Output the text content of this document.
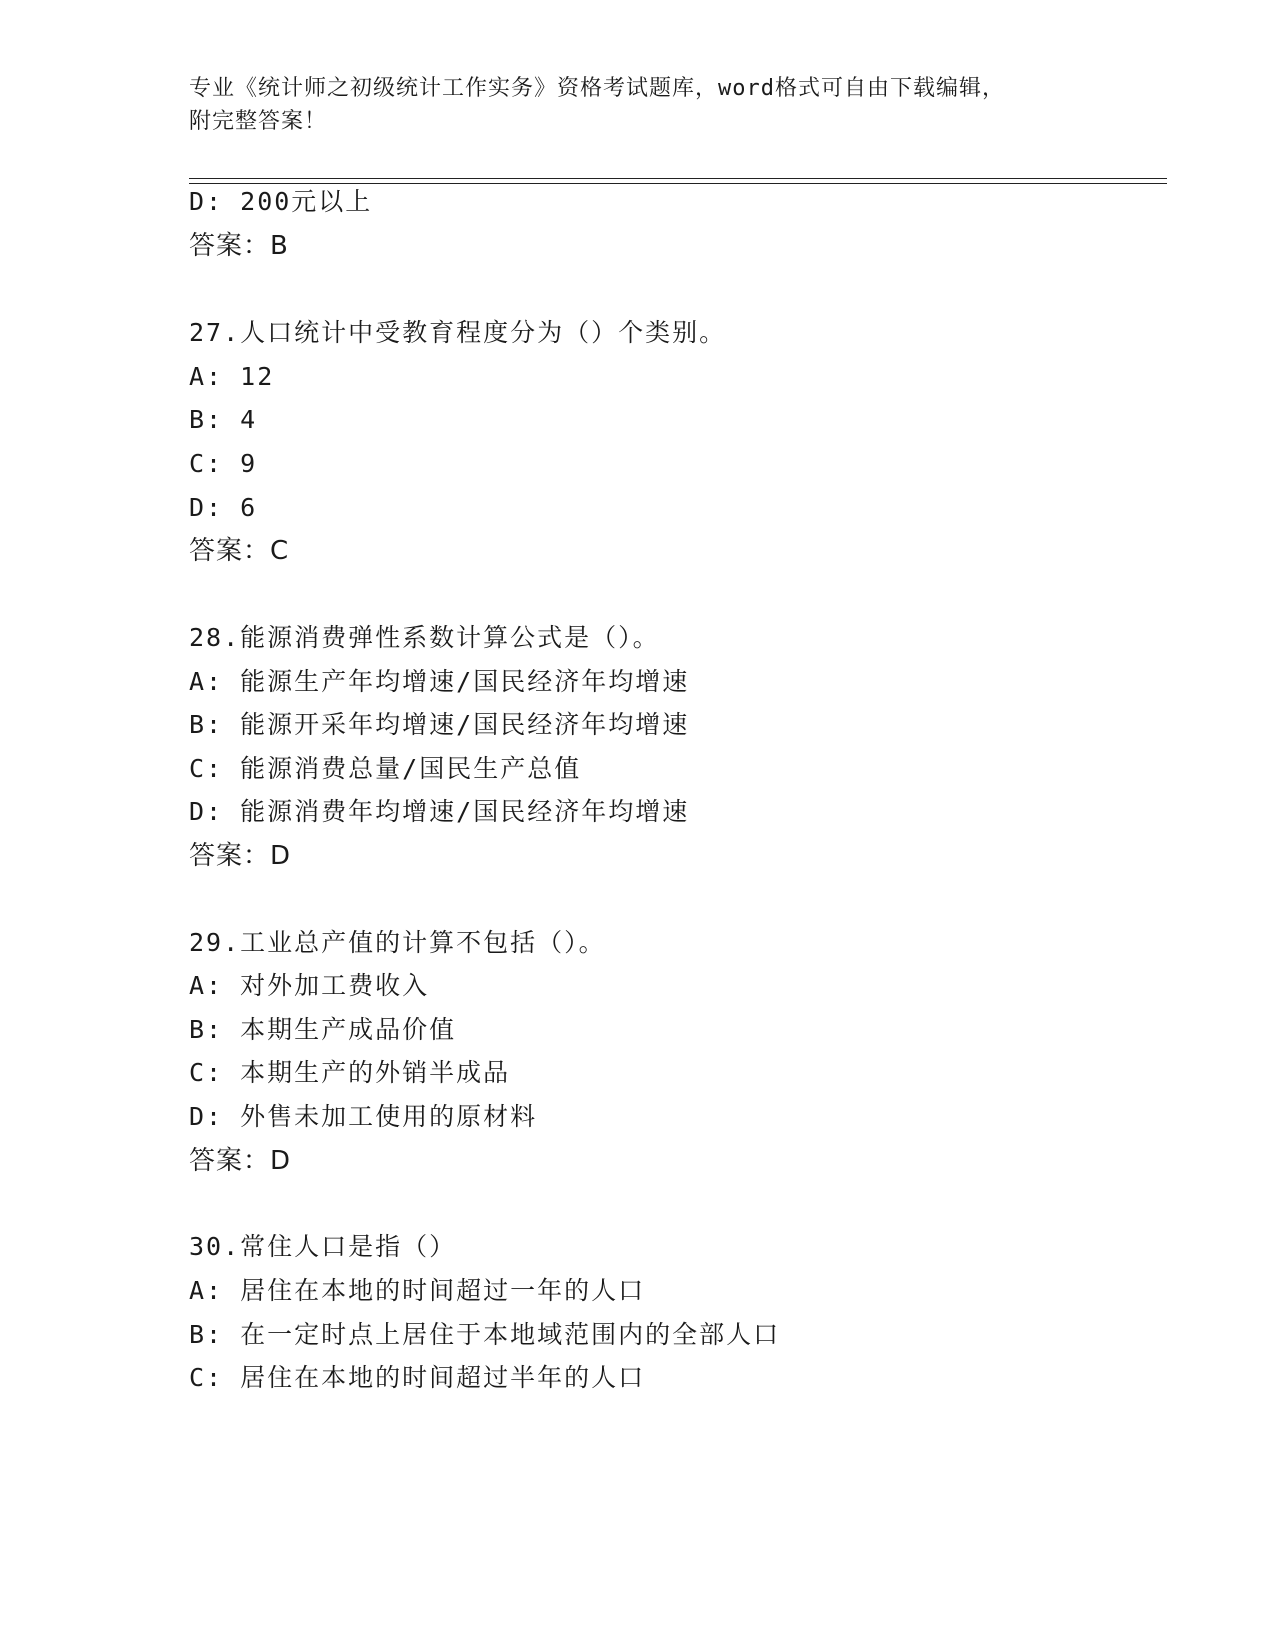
专业《统计师之初级统计工作实务》资格考试题库，word格式可自由下载编辑，
附完整答案！
D: 200元以上
答案：B
27.人口统计中受教育程度分为（）个类别。
A: 12
B: 4
C: 9
D: 6
答案：C
28.能源消费弹性系数计算公式是（）。
A: 能源生产年均增速/国民经济年均增速
B: 能源开采年均增速/国民经济年均增速
C: 能源消费总量/国民生产总值
D: 能源消费年均增速/国民经济年均增速
答案：D
29.工业总产值的计算不包括（）。
A: 对外加工费收入
B: 本期生产成品价值
C: 本期生产的外销半成品
D: 外售未加工使用的原材料
答案：D
30.常住人口是指（）
A: 居住在本地的时间超过一年的人口
B: 在一定时点上居住于本地域范围内的全部人口
C: 居住在本地的时间超过半年的人口
